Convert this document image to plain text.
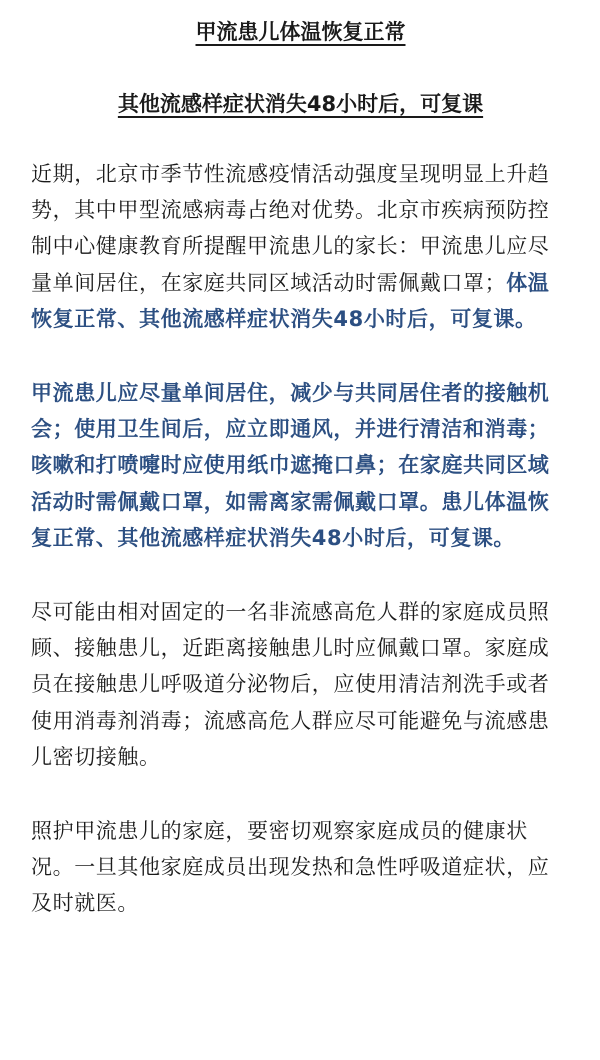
甲流患儿体温恢复正常
其他流感样症状消失48小时后，可复课

近期，北京市季节性流感疫情活动强度呈现明显上升趋势，其中甲型流感病毒占绝对优势。北京市疾病预防控制中心健康教育所提醒甲流患儿的家长：甲流患儿应尽量单间居住，在家庭共同区域活动时需佩戴口罩；体温恢复正常、其他流感样症状消失48小时后，可复课。

甲流患儿应尽量单间居住，减少与共同居住者的接触机会；使用卫生间后，应立即通风，并进行清洁和消毒；咳嗽和打喷嚏时应使用纸巾遮掩口鼻；在家庭共同区域活动时需佩戴口罩，如需离家需佩戴口罩。患儿体温恢复正常、其他流感样症状消失48小时后，可复课。

尽可能由相对固定的一名非流感高危人群的家庭成员照顾、接触患儿，近距离接触患儿时应佩戴口罩。家庭成员在接触患儿呼吸道分泌物后，应使用清洁剂洗手或者使用消毒剂消毒；流感高危人群应尽可能避免与流感患儿密切接触。

照护甲流患儿的家庭，要密切观察家庭成员的健康状况。一旦其他家庭成员出现发热和急性呼吸道症状，应及时就医。
